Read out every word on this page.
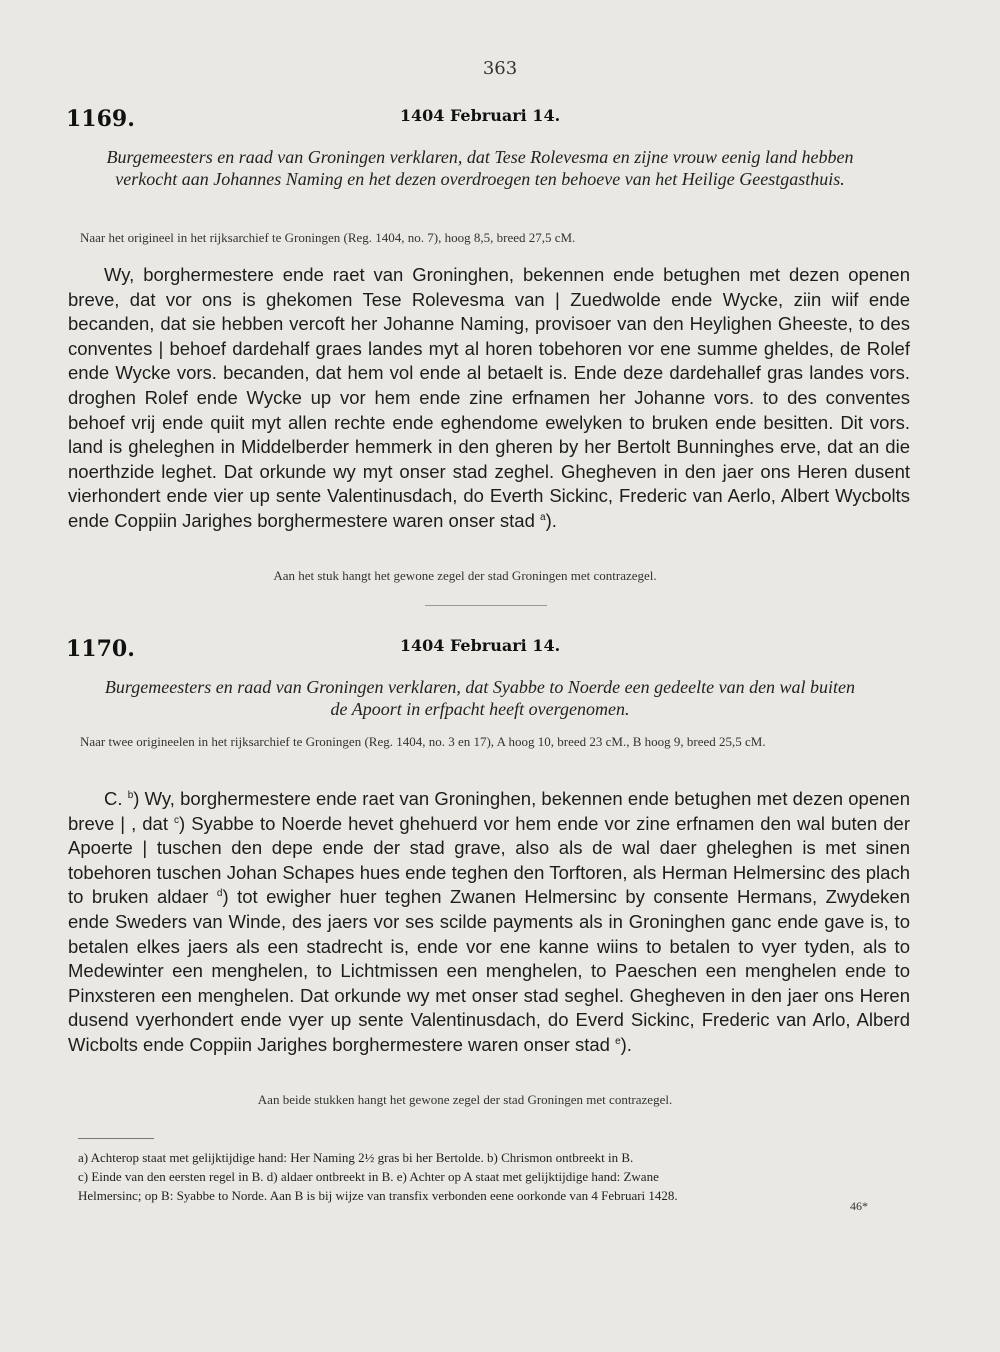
363
1169.	1404 Februari 14.
Burgemeesters en raad van Groningen verklaren, dat Tese Rolevesma en zijne vrouw eenig land hebben verkocht aan Johannes Naming en het dezen overdroegen ten behoeve van het Heilige Geestgasthuis.
Naar het origineel in het rijksarchief te Groningen (Reg. 1404, no. 7), hoog 8,5, breed 27,5 cM.
Wy, borghermestere ende raet van Groninghen, bekennen ende betughen met dezen openen breve, dat vor ons is ghekomen Tese Rolevesma van | Zuedwolde ende Wycke, ziin wiif ende becanden, dat sie hebben vercoft her Johanne Naming, provisoer van den Heylighen Gheeste, to des conventes | behoef dardehalf graes landes myt al horen tobehoren vor ene summe gheldes, de Rolef ende Wycke vors. becanden, dat hem vol ende al betaelt is. Ende deze dardehallef gras landes vors. droghen Rolef ende Wycke up vor hem ende zine erfnamen her Johanne vors. to des conventes behoef vrij ende quiit myt allen rechte ende eghendome ewelyken to bruken ende besitten. Dit vors. land is gheleghen in Middelberder hemmerk in den gheren by her Bertolt Bunninghes erve, dat an die noerthzide leghet. Dat orkunde wy myt onser stad zeghel. Ghegheven in den jaer ons Heren dusent vierhondert ende vier up sente Valentinusdach, do Everth Sickinc, Frederic van Aerlo, Albert Wycbolts ende Coppiin Jarighes borghermestere waren onser stad $^a$).
Aan het stuk hangt het gewone zegel der stad Groningen met contrazegel.
1170.	1404 Februari 14.
Burgemeesters en raad van Groningen verklaren, dat Syabbe to Noerde een gedeelte van den wal buiten de Apoort in erfpacht heeft overgenomen.
Naar twee origineelen in het rijksarchief te Groningen (Reg. 1404, no. 3 en 17), A hoog 10, breed 23 cM., B hoog 9, breed 25,5 cM.
C. $^b$) Wy, borghermestere ende raet van Groninghen, bekennen ende betughen met dezen openen breve | , dat $^c$) Syabbe to Noerde hevet ghehuerd vor hem ende vor zine erfnamen den wal buten der Apoerte | tuschen den depe ende der stad grave, also als de wal daer gheleghen is met sinen tobehoren tuschen Johan Schapes hues ende teghen den Torftoren, als Herman Helmersinc des plach to bruken aldaer $^d$) tot ewigher huer teghen Zwanen Helmersinc by consente Hermans, Zwydeken ende Sweders van Winde, des jaers vor ses scilde payments als in Groninghen ganc ende gave is, to betalen elkes jaers als een stadrecht is, ende vor ene kanne wiins to betalen to vyer tyden, als to Medewinter een menghelen, to Lichtmissen een menghelen, to Paeschen een menghelen ende to Pinxsteren een menghelen. Dat orkunde wy met onser stad seghel. Ghegheven in den jaer ons Heren dusend vyerhondert ende vyer up sente Valentinusdach, do Everd Sickinc, Frederic van Arlo, Alberd Wicbolts ende Coppiin Jarighes borghermestere waren onser stad $^e$).
Aan beide stukken hangt het gewone zegel der stad Groningen met contrazegel.
a) Achterop staat met gelijktijdige hand: Her Naming 2½ gras bi her Bertolde. b) Chrismon ontbreekt in B.
c) Einde van den eersten regel in B. d) aldaer ontbreekt in B. e) Achter op A staat met gelijktijdige hand: Zwane
Helmersinc; op B: Syabbe to Norde. Aan B is bij wijze van transfix verbonden eene oorkonde van 4 Februari 1428.
46*
